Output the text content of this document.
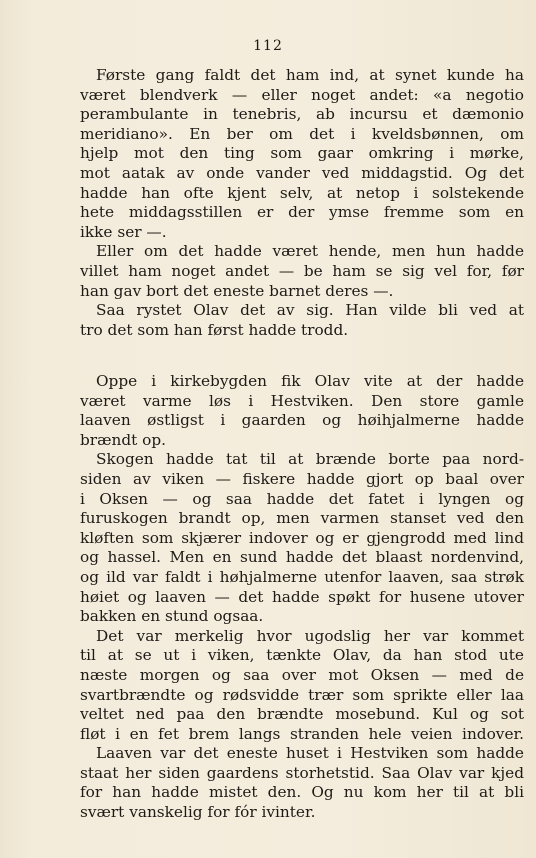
112
Første gang faldt det ham ind, at synet kunde ha
været blendverk — eller noget andet: «a negotio
perambulante in tenebris, ab incursu et dæmonio
meridiano». En ber om det i kveldsbønnen, om
hjelp mot den ting som gaar omkring i mørke,
mot aatak av onde vander ved middagstid. Og det
hadde han ofte kjent selv, at netop i solstekende
hete middagsstillen er der ymse fremme som en
ikke ser —.
Eller om det hadde været hende, men hun hadde
villet ham noget andet — be ham se sig vel for, før
han gav bort det eneste barnet deres —.
Saa rystet Olav det av sig. Han vilde bli ved at
tro det som han først hadde trodd.
Oppe i kirkebygden fik Olav vite at der hadde
været varme løs i Hestviken. Den store gamle
laaven østligst i gaarden og høihjalmerne hadde
brændt op.
Skogen hadde tat til at brænde borte paa nord-
siden av viken — fiskere hadde gjort op baal over
i Oksen — og saa hadde det fatet i lyngen og
furuskogen brandt op, men varmen stanset ved den
kløften som skjærer indover og er gjengrodd med lind
og hassel. Men en sund hadde det blaast nordenvind,
og ild var faldt i høhjalmerne utenfor laaven, saa strøk
høiet og laaven — det hadde spøkt for husene utover
bakken en stund ogsaa.
Det var merkelig hvor ugodslig her var kommet
til at se ut i viken, tænkte Olav, da han stod ute
næste morgen og saa over mot Oksen — med de
svartbrændte og rødsvidde trær som sprikte eller laa
veltet ned paa den brændte mosebund. Kul og sot
fløt i en fet brem langs stranden hele veien indover.
Laaven var det eneste huset i Hestviken som hadde
staat her siden gaardens storhetstid. Saa Olav var kjed
for han hadde mistet den. Og nu kom her til at bli
svært vanskelig for fór ivinter.
